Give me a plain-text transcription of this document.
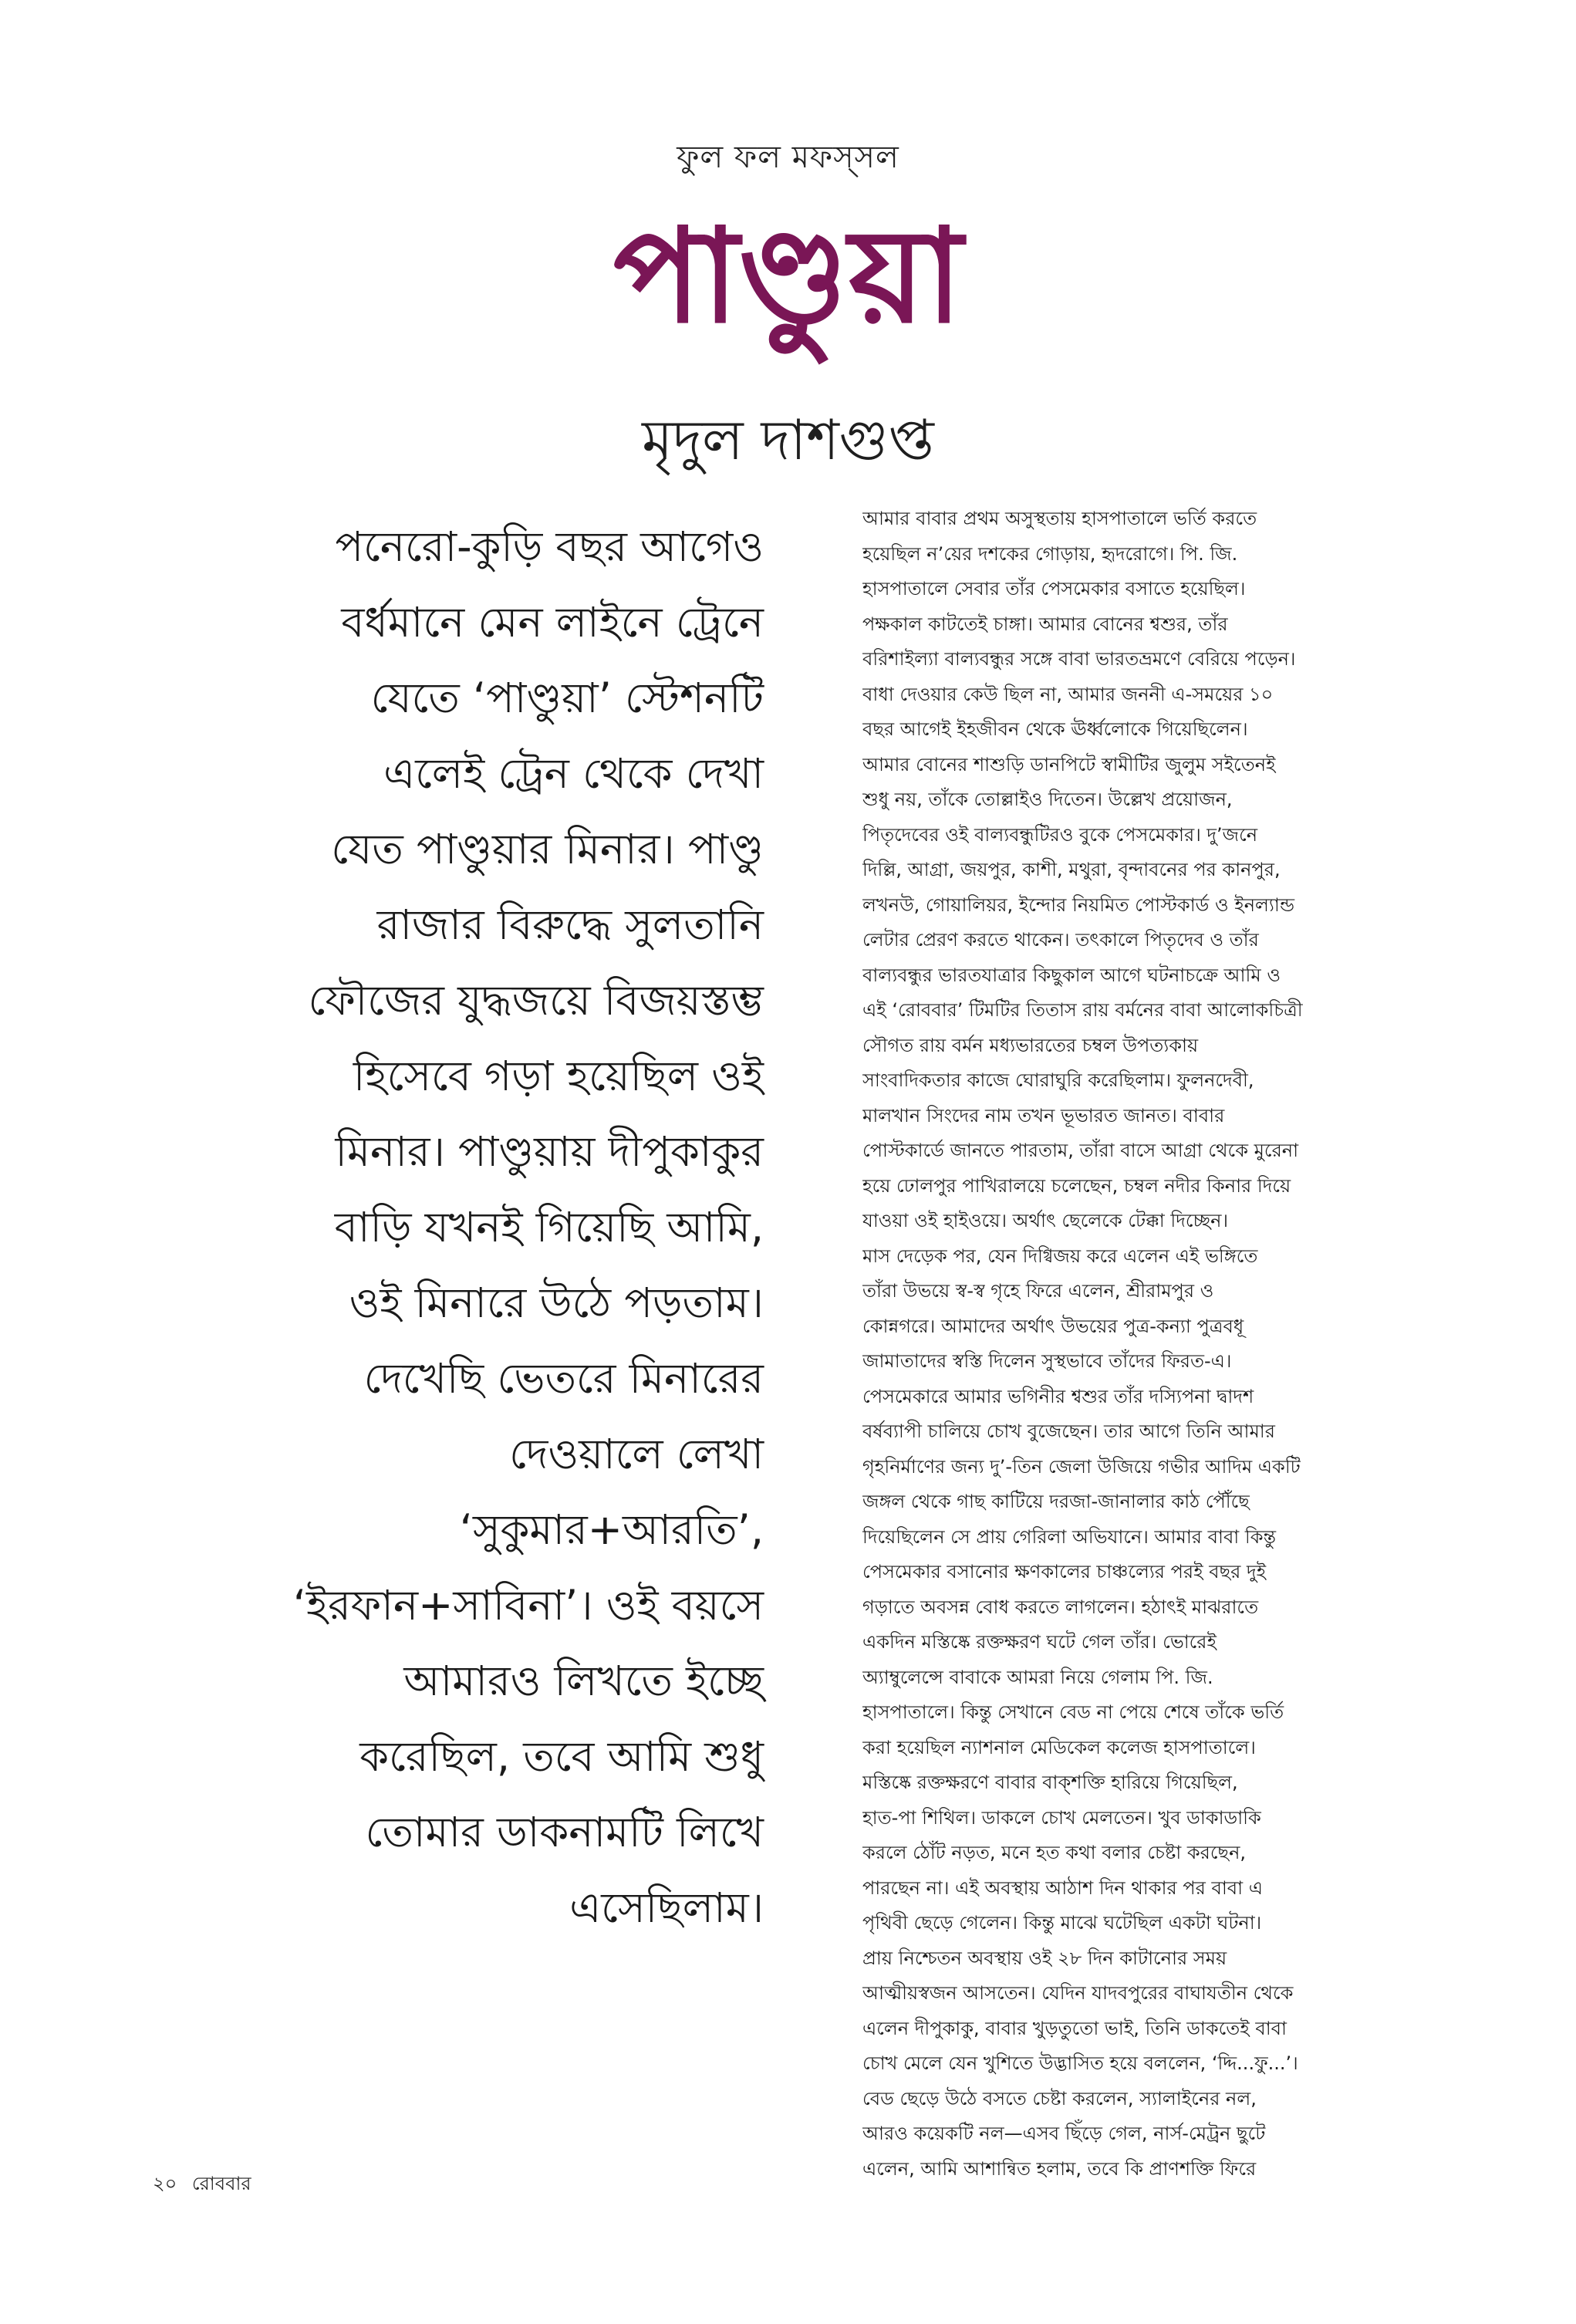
ফুল ফল মফস্‌সল
পাণ্ডুয়া
মৃদুল দাশগুপ্ত
পনেরো-কুড়ি বছর আগেও
বর্ধমানে মেন লাইনে ট্রেনে
যেতে ‘পাণ্ডুয়া’ স্টেশনটি
এলেই ট্রেন থেকে দেখা
যেত পাণ্ডুয়ার মিনার। পাণ্ডু
রাজার বিরুদ্ধে সুলতানি
ফৌজের যুদ্ধজয়ে বিজয়স্তম্ভ
হিসেবে গড়া হয়েছিল ওই
মিনার। পাণ্ডুয়ায় দীপুকাকুর
বাড়ি যখনই গিয়েছি আমি,
ওই মিনারে উঠে পড়তাম।
দেখেছি ভেতরে মিনারের
দেওয়ালে লেখা
‘সুকুমার+আরতি’,
‘ইরফান+সাবিনা’। ওই বয়সে
আমারও লিখতে ইচ্ছে
করেছিল, তবে আমি শুধু
তোমার ডাকনামটি লিখে
এসেছিলাম।
আমার বাবার প্রথম অসুস্থতায় হাসপাতালে ভর্তি করতে
হয়েছিল ন’য়ের দশকের গোড়ায়, হৃদরোগে। পি. জি.
হাসপাতালে সেবার তাঁর পেসমেকার বসাতে হয়েছিল।
পক্ষকাল কাটতেই চাঙ্গা। আমার বোনের শ্বশুর, তাঁর
বরিশাইল্যা বাল্যবন্ধুর সঙ্গে বাবা ভারতভ্রমণে বেরিয়ে পড়েন।
বাধা দেওয়ার কেউ ছিল না, আমার জননী এ-সময়ের ১০
বছর আগেই ইহজীবন থেকে ঊর্ধ্বলোকে গিয়েছিলেন।
আমার বোনের শাশুড়ি ডানপিটে স্বামীটির জুলুম সইতেনই
শুধু নয়, তাঁকে তোল্লাইও দিতেন। উল্লেখ প্রয়োজন,
পিতৃদেবের ওই বাল্যবন্ধুটিরও বুকে পেসমেকার। দু’জনে
দিল্লি, আগ্রা, জয়পুর, কাশী, মথুরা, বৃন্দাবনের পর কানপুর,
লখনউ, গোয়ালিয়র, ইন্দোর নিয়মিত পোস্টকার্ড ও ইনল্যান্ড
লেটার প্রেরণ করতে থাকেন। তৎকালে পিতৃদেব ও তাঁর
বাল্যবন্ধুর ভারতযাত্রার কিছুকাল আগে ঘটনাচক্রে আমি ও
এই ‘রোববার’ টিমটির তিতাস রায় বর্মনের বাবা আলোকচিত্রী
সৌগত রায় বর্মন মধ্যভারতের চম্বল উপত্যকায়
সাংবাদিকতার কাজে ঘোরাঘুরি করেছিলাম। ফুলনদেবী,
মালখান সিংদের নাম তখন ভূভারত জানত। বাবার
পোস্টকার্ডে জানতে পারতাম, তাঁরা বাসে আগ্রা থেকে মুরেনা
হয়ে ঢোলপুর পাখিরালয়ে চলেছেন, চম্বল নদীর কিনার দিয়ে
যাওয়া ওই হাইওয়ে। অর্থাৎ ছেলেকে টেক্কা দিচ্ছেন।
মাস দেড়েক পর, যেন দিগ্বিজয় করে এলেন এই ভঙ্গিতে
তাঁরা উভয়ে স্ব-স্ব গৃহে ফিরে এলেন, শ্রীরামপুর ও
কোন্নগরে। আমাদের অর্থাৎ উভয়ের পুত্র-কন্যা পুত্রবধূ
জামাতাদের স্বস্তি দিলেন সুস্থভাবে তাঁদের ফিরত-এ।
পেসমেকারে আমার ভগিনীর শ্বশুর তাঁর দস্যিপনা দ্বাদশ
বর্ষব্যাপী চালিয়ে চোখ বুজেছেন। তার আগে তিনি আমার
গৃহনির্মাণের জন্য দু’-তিন জেলা উজিয়ে গভীর আদিম একটি
জঙ্গল থেকে গাছ কাটিয়ে দরজা-জানালার কাঠ পৌঁছে
দিয়েছিলেন সে প্রায় গেরিলা অভিযানে। আমার বাবা কিন্তু
পেসমেকার বসানোর ক্ষণকালের চাঞ্চল্যের পরই বছর দুই
গড়াতে অবসন্ন বোধ করতে লাগলেন। হঠাৎই মাঝরাতে
একদিন মস্তিষ্কে রক্তক্ষরণ ঘটে গেল তাঁর। ভোরেই
অ্যাম্বুলেন্সে বাবাকে আমরা নিয়ে গেলাম পি. জি.
হাসপাতালে। কিন্তু সেখানে বেড না পেয়ে শেষে তাঁকে ভর্তি
করা হয়েছিল ন্যাশনাল মেডিকেল কলেজ হাসপাতালে।
মস্তিষ্কে রক্তক্ষরণে বাবার বাক্‌শক্তি হারিয়ে গিয়েছিল,
হাত-পা শিথিল। ডাকলে চোখ মেলতেন। খুব ডাকাডাকি
করলে ঠোঁট নড়ত, মনে হত কথা বলার চেষ্টা করছেন,
পারছেন না। এই অবস্থায় আঠাশ দিন থাকার পর বাবা এ
পৃথিবী ছেড়ে গেলেন। কিন্তু মাঝে ঘটেছিল একটা ঘটনা।
প্রায় নিশ্চেতন অবস্থায় ওই ২৮ দিন কাটানোর সময়
আত্মীয়স্বজন আসতেন। যেদিন যাদবপুরের বাঘাযতীন থেকে
এলেন দীপুকাকু, বাবার খুড়তুতো ভাই, তিনি ডাকতেই বাবা
চোখ মেলে যেন খুশিতে উদ্ভাসিত হয়ে বললেন, ‘দ্দি...ফু...’।
বেড ছেড়ে উঠে বসতে চেষ্টা করলেন, স্যালাইনের নল,
আরও কয়েকটি নল—এসব ছিঁড়ে গেল, নার্স-মেট্রন ছুটে
এলেন, আমি আশান্বিত হলাম, তবে কি প্রাণশক্তি ফিরে
২০ রোববার
